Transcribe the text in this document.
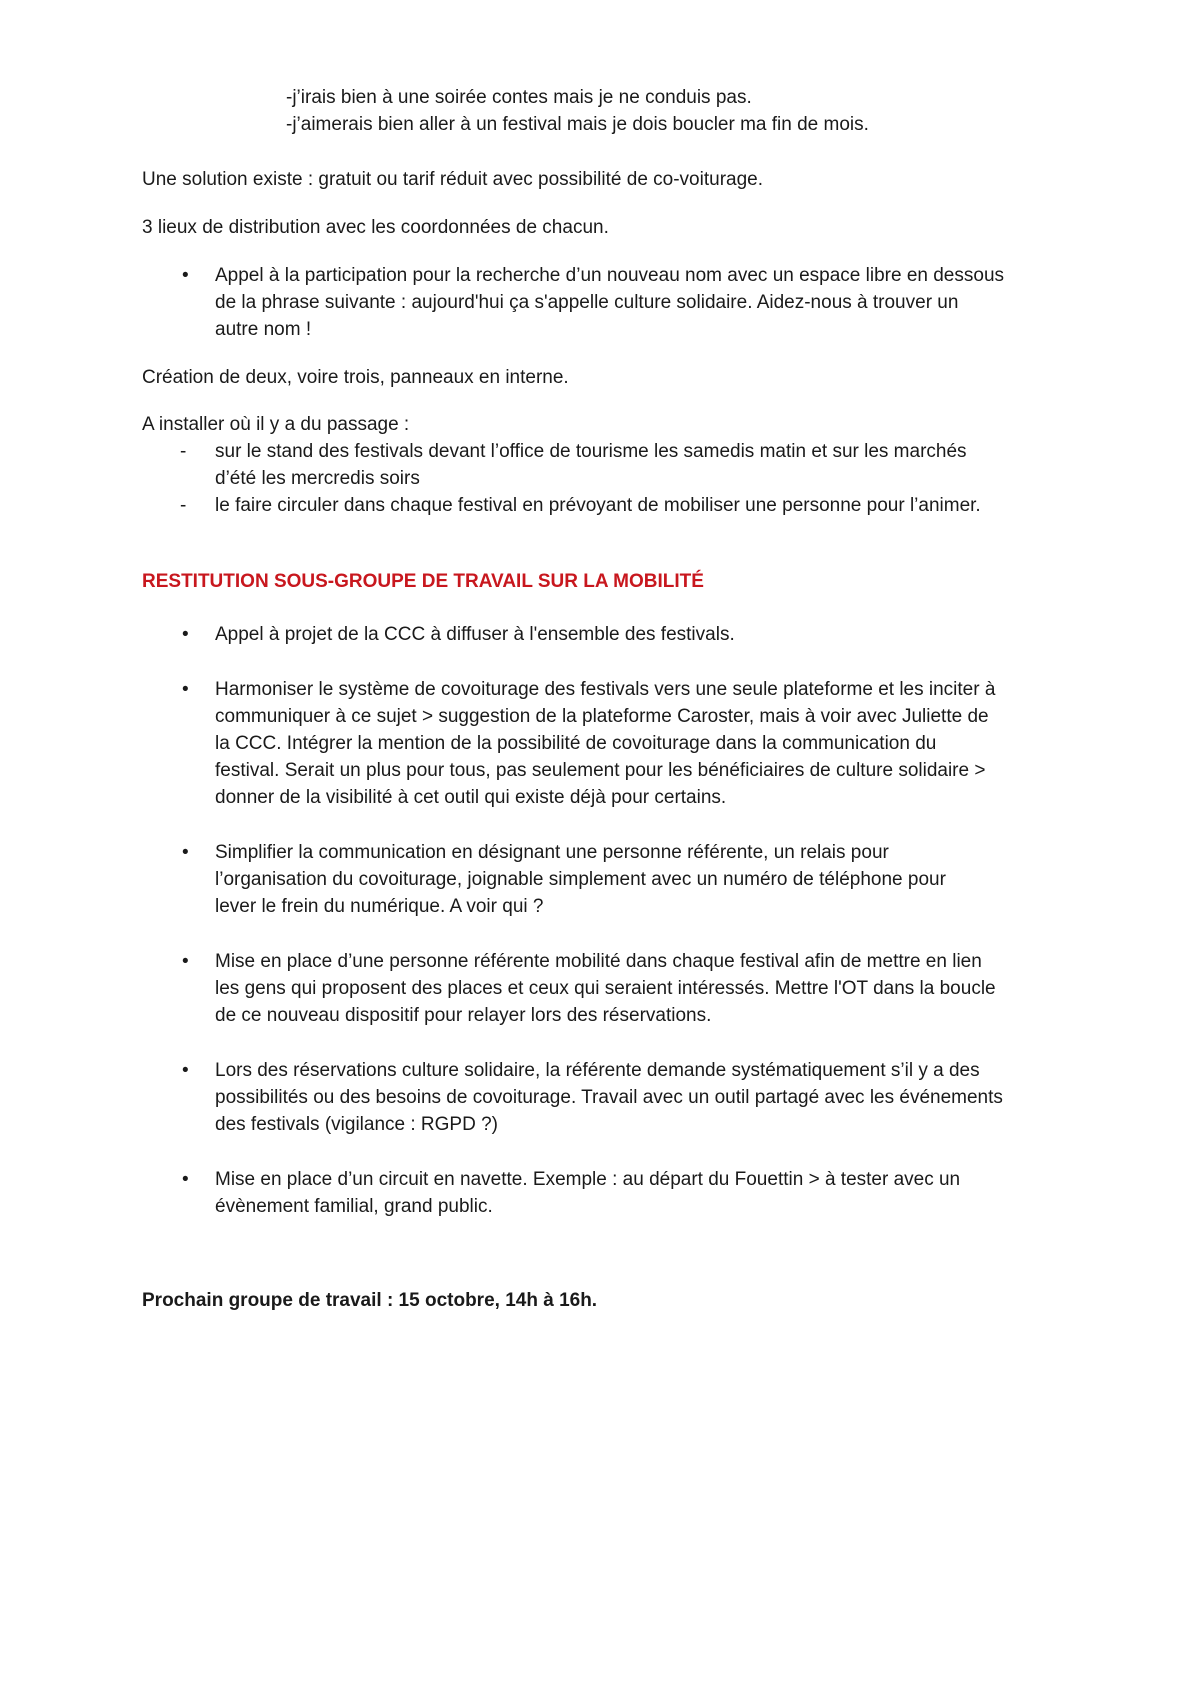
-j’irais bien à une soirée contes mais je ne conduis pas.
-j’aimerais bien aller à un festival mais je dois boucler ma fin de mois.
Une solution existe : gratuit ou tarif réduit avec possibilité de co-voiturage.
3 lieux de distribution avec les coordonnées de chacun.
• Appel à la participation pour la recherche d’un nouveau nom avec un espace libre en dessous
de la phrase suivante : aujourd'hui ça s'appelle culture solidaire. Aidez-nous à trouver un
autre nom !
Création de deux, voire trois, panneaux en interne.
A installer où il y a du passage :
- sur le stand des festivals devant l’office de tourisme les samedis matin et sur les marchés
d’été les mercredis soirs
- le faire circuler dans chaque festival en prévoyant de mobiliser une personne pour l’animer.
RESTITUTION SOUS-GROUPE DE TRAVAIL SUR LA MOBILITÉ
• Appel à projet de la CCC à diffuser à l'ensemble des festivals.
• Harmoniser le système de covoiturage des festivals vers une seule plateforme et les inciter à
communiquer à ce sujet > suggestion de la plateforme Caroster, mais à voir avec Juliette de
la CCC. Intégrer la mention de la possibilité de covoiturage dans la communication du
festival. Serait un plus pour tous, pas seulement pour les bénéficiaires de culture solidaire >
donner de la visibilité à cet outil qui existe déjà pour certains.
• Simplifier la communication en désignant une personne référente, un relais pour
l’organisation du covoiturage, joignable simplement avec un numéro de téléphone pour
lever le frein du numérique. A voir qui ?
• Mise en place d’une personne référente mobilité dans chaque festival afin de mettre en lien
les gens qui proposent des places et ceux qui seraient intéressés. Mettre l'OT dans la boucle
de ce nouveau dispositif pour relayer lors des réservations.
• Lors des réservations culture solidaire, la référente demande systématiquement s’il y a des
possibilités ou des besoins de covoiturage. Travail avec un outil partagé avec les événements
des festivals (vigilance : RGPD ?)
• Mise en place d’un circuit en navette. Exemple : au départ du Fouettin > à tester avec un
évènement familial, grand public.
Prochain groupe de travail : 15 octobre, 14h à 16h.
